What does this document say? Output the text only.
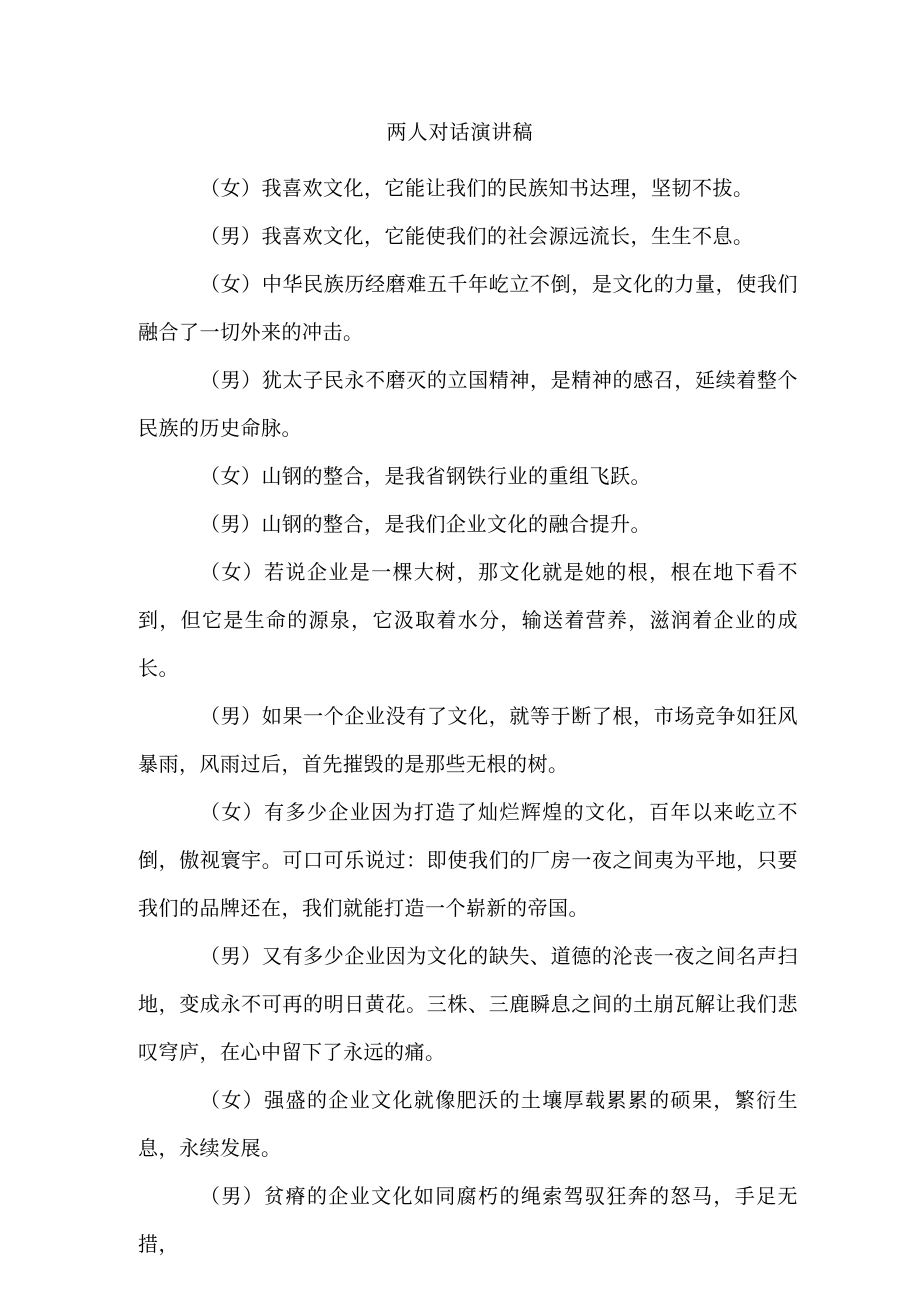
两人对话演讲稿

（女）我喜欢文化，它能让我们的民族知书达理，坚韧不拔。

（男）我喜欢文化，它能使我们的社会源远流长，生生不息。

（女）中华民族历经磨难五千年屹立不倒，是文化的力量，使我们融合了一切外来的冲击。

（男）犹太子民永不磨灭的立国精神，是精神的感召，延续着整个民族的历史命脉。

（女）山钢的整合，是我省钢铁行业的重组飞跃。

（男）山钢的整合，是我们企业文化的融合提升。

（女）若说企业是一棵大树，那文化就是她的根，根在地下看不到，但它是生命的源泉，它汲取着水分，输送着营养，滋润着企业的成长。

（男）如果一个企业没有了文化，就等于断了根，市场竞争如狂风暴雨，风雨过后，首先摧毁的是那些无根的树。

（女）有多少企业因为打造了灿烂辉煌的文化，百年以来屹立不倒，傲视寰宇。可口可乐说过：即使我们的厂房一夜之间夷为平地，只要我们的品牌还在，我们就能打造一个崭新的帝国。

（男）又有多少企业因为文化的缺失、道德的沦丧一夜之间名声扫地，变成永不可再的明日黄花。三株、三鹿瞬息之间的土崩瓦解让我们悲叹穹庐，在心中留下了永远的痛。

（女）强盛的企业文化就像肥沃的土壤厚载累累的硕果，繁衍生息，永续发展。

（男）贫瘠的企业文化如同腐朽的绳索驾驭狂奔的怒马，手足无措，
